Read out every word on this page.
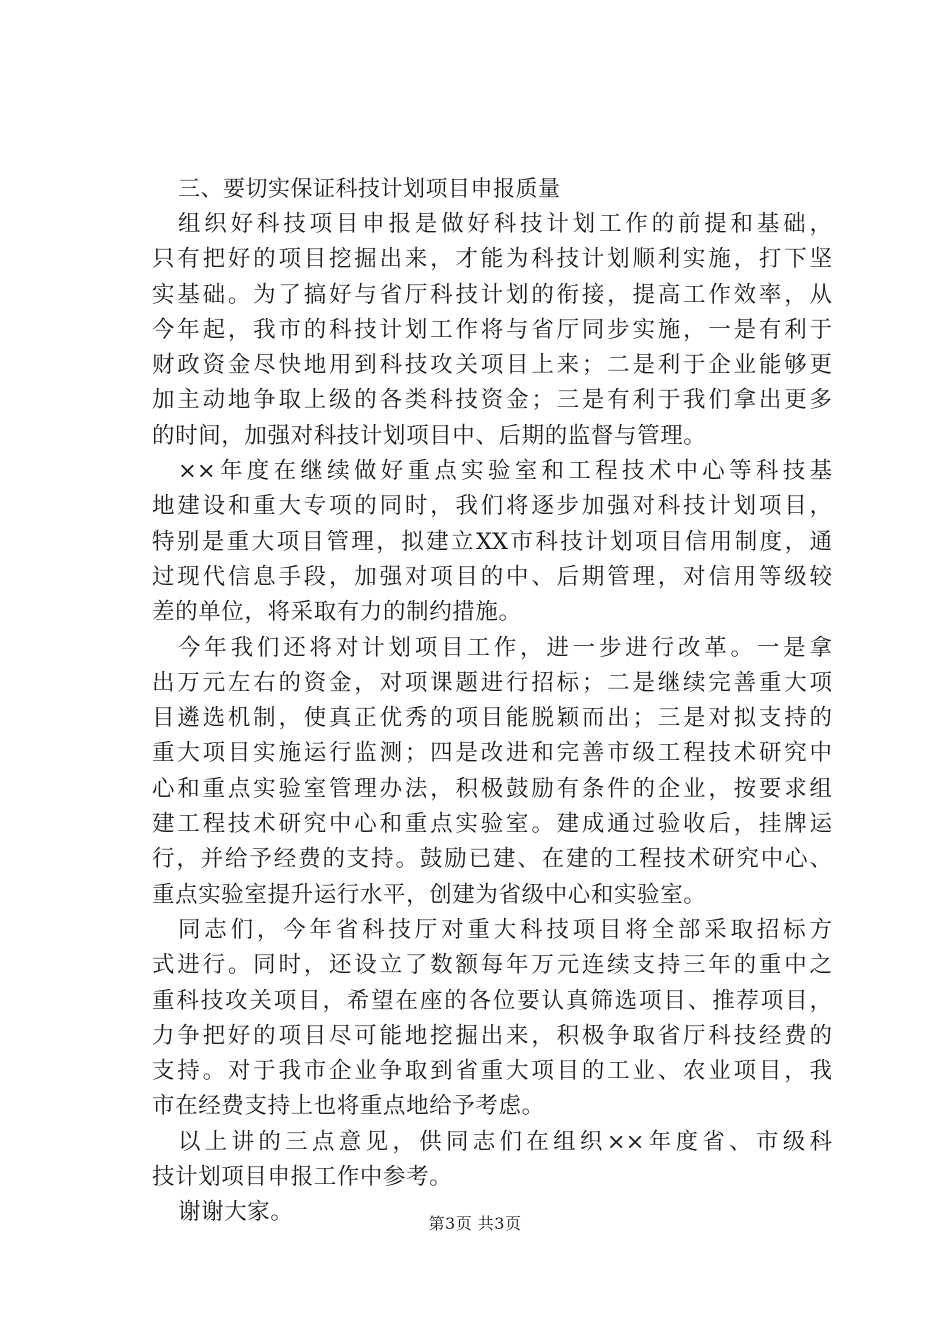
三、要切实保证科技计划项目申报质量
组织好科技项目申报是做好科技计划工作的前提和基础，
只有把好的项目挖掘出来，才能为科技计划顺利实施，打下坚
实基础。为了搞好与省厅科技计划的衔接，提高工作效率，从
今年起，我市的科技计划工作将与省厅同步实施，一是有利于
财政资金尽快地用到科技攻关项目上来；二是利于企业能够更
加主动地争取上级的各类科技资金；三是有利于我们拿出更多
的时间，加强对科技计划项目中、后期的监督与管理。
××年度在继续做好重点实验室和工程技术中心等科技基
地建设和重大专项的同时，我们将逐步加强对科技计划项目，
特别是重大项目管理，拟建立XX市科技计划项目信用制度，通
过现代信息手段，加强对项目的中、后期管理，对信用等级较
差的单位，将采取有力的制约措施。
今年我们还将对计划项目工作，进一步进行改革。一是拿
出万元左右的资金，对项课题进行招标；二是继续完善重大项
目遴选机制，使真正优秀的项目能脱颖而出；三是对拟支持的
重大项目实施运行监测；四是改进和完善市级工程技术研究中
心和重点实验室管理办法，积极鼓励有条件的企业，按要求组
建工程技术研究中心和重点实验室。建成通过验收后，挂牌运
行，并给予经费的支持。鼓励已建、在建的工程技术研究中心、
重点实验室提升运行水平，创建为省级中心和实验室。
同志们，今年省科技厅对重大科技项目将全部采取招标方
式进行。同时，还设立了数额每年万元连续支持三年的重中之
重科技攻关项目，希望在座的各位要认真筛选项目、推荐项目，
力争把好的项目尽可能地挖掘出来，积极争取省厅科技经费的
支持。对于我市企业争取到省重大项目的工业、农业项目，我
市在经费支持上也将重点地给予考虑。
以上讲的三点意见，供同志们在组织××年度省、市级科
技计划项目申报工作中参考。
谢谢大家。	第3页 共3页
